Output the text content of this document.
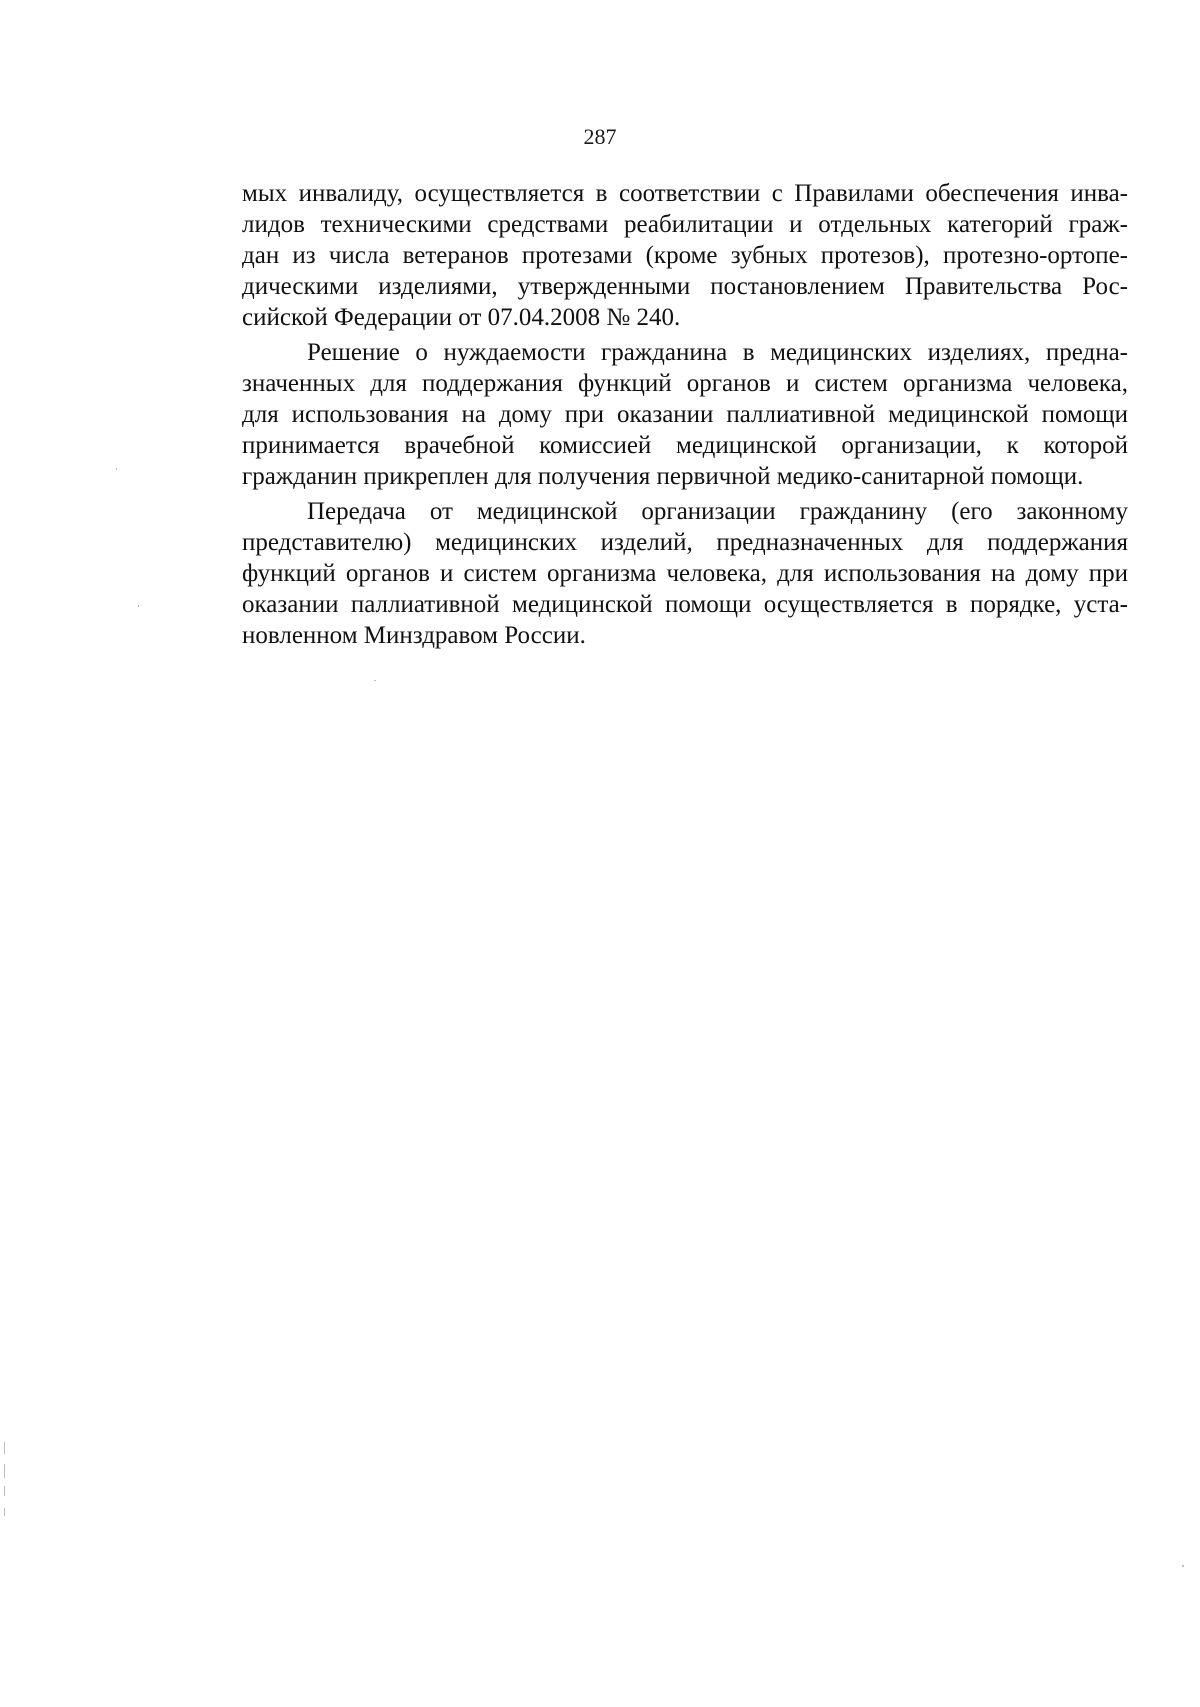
287
мых инвалиду, осуществляется в соответствии с Правилами обеспечения инва-
лидов техническими средствами реабилитации и отдельных категорий граж-
дан из числа ветеранов протезами (кроме зубных протезов), протезно-ортопе-
дическими изделиями, утвержденными постановлением Правительства Рос-
сийской Федерации от 07.04.2008 № 240.
Решение о нуждаемости гражданина в медицинских изделиях, предна-
значенных для поддержания функций органов и систем организма человека,
для использования на дому при оказании паллиативной медицинской помощи
принимается врачебной комиссией медицинской организации, к которой
гражданин прикреплен для получения первичной медико-санитарной помощи.
Передача от медицинской организации гражданину (его законному
представителю) медицинских изделий, предназначенных для поддержания
функций органов и систем организма человека, для использования на дому при
оказании паллиативной медицинской помощи осуществляется в порядке, уста-
новленном Минздравом России.
